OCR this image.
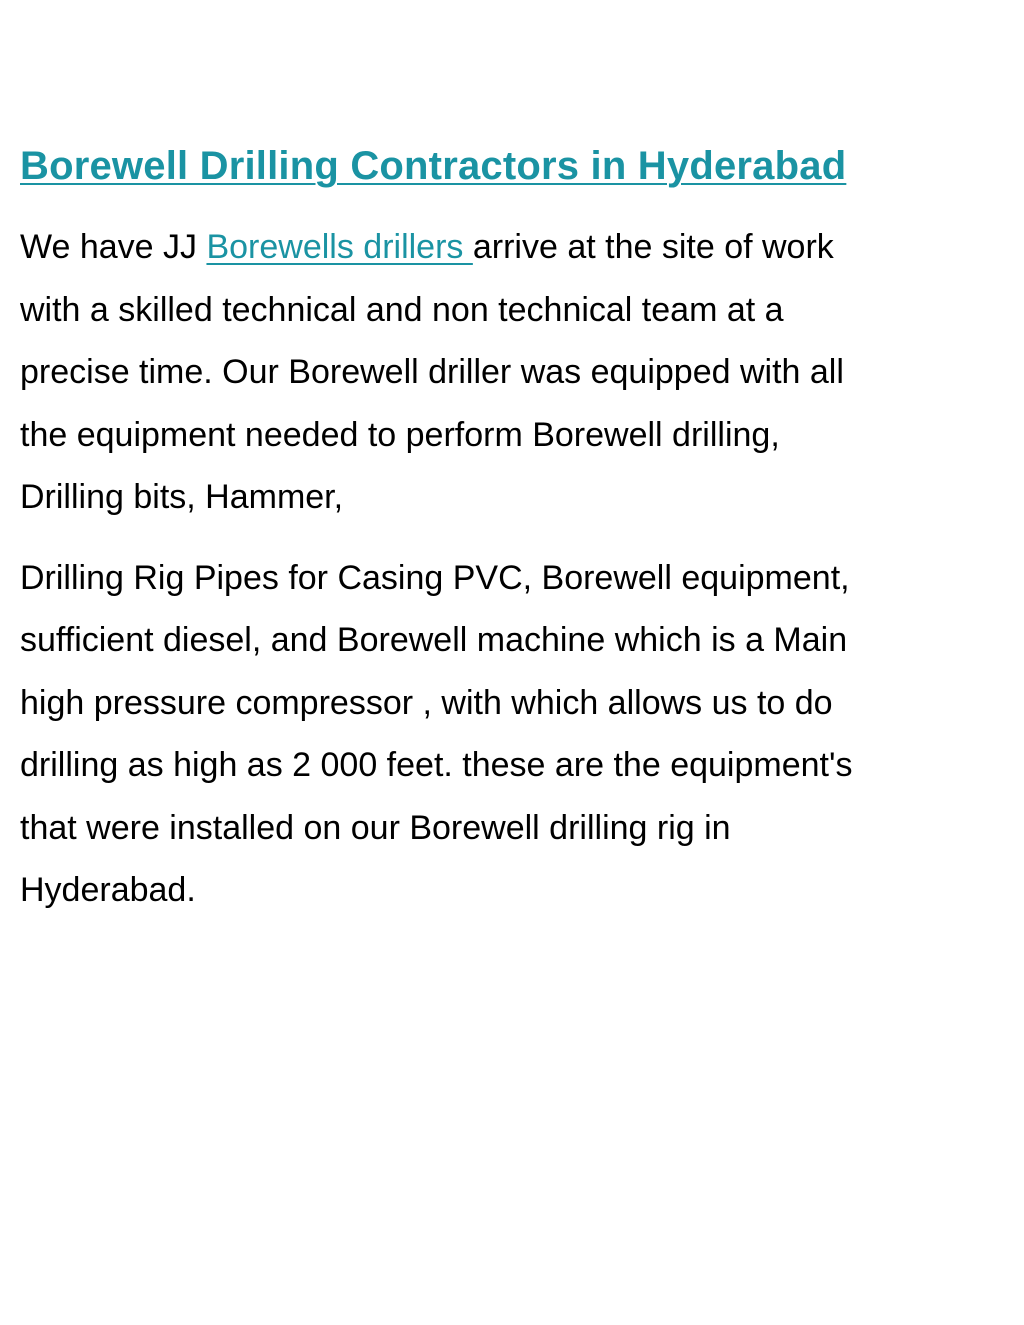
Borewell Drilling Contractors in Hyderabad

We have JJ Borewells drillers arrive at the site of work
with a skilled technical and non technical team at a
precise time. Our Borewell driller was equipped with all
the equipment needed to perform Borewell drilling,
Drilling bits, Hammer,

Drilling Rig Pipes for Casing PVC, Borewell equipment,
sufficient diesel, and Borewell machine which is a Main
high pressure compressor , with which allows us to do
drilling as high as 2 000 feet. these are the equipment's
that were installed on our Borewell drilling rig in
Hyderabad.
